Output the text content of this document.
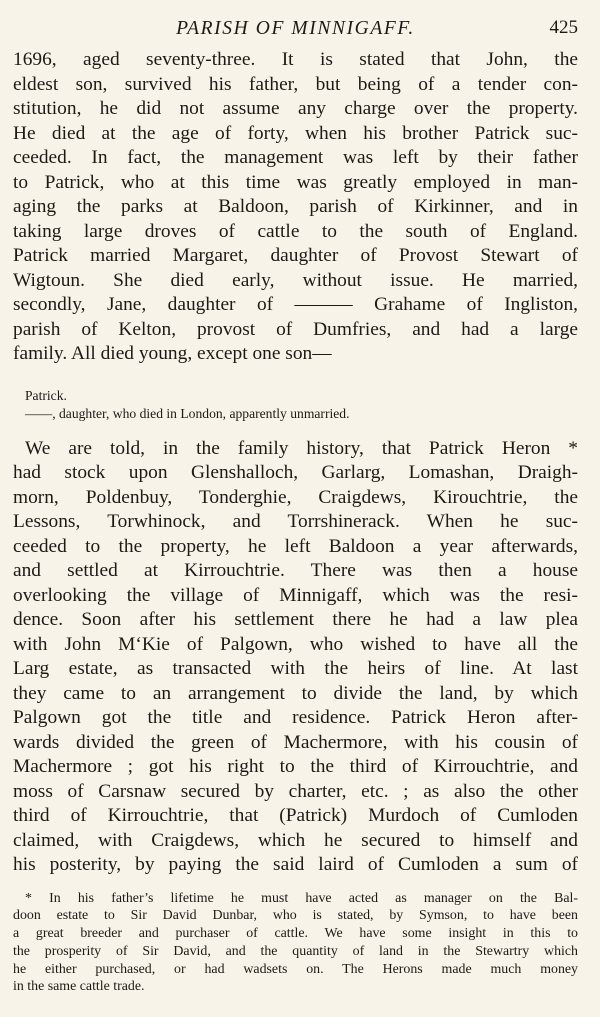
PARISH OF MINNIGAFF.	425

1696, aged seventy-three. It is stated that John, the
eldest son, survived his father, but being of a tender con-
stitution, he did not assume any charge over the property.
He died at the age of forty, when his brother Patrick suc-
ceeded. In fact, the management was left by their father
to Patrick, who at this time was greatly employed in man-
aging the parks at Baldoon, parish of Kirkinner, and in
taking large droves of cattle to the south of England.
Patrick married Margaret, daughter of Provost Stewart of
Wigtoun. She died early, without issue. He married,
secondly, Jane, daughter of ——— Grahame of Ingliston,
parish of Kelton, provost of Dumfries, and had a large
family. All died young, except one son—

Patrick.
——, daughter, who died in London, apparently unmarried.

We are told, in the family history, that Patrick Heron *
had stock upon Glenshalloch, Garlarg, Lomashan, Draigh-
morn, Poldenbuy, Tonderghie, Craigdews, Kirouchtrie, the
Lessons, Torwhinock, and Torrshinerack. When he suc-
ceeded to the property, he left Baldoon a year afterwards,
and settled at Kirrouchtrie. There was then a house
overlooking the village of Minnigaff, which was the resi-
dence. Soon after his settlement there he had a law plea
with John M‘Kie of Palgown, who wished to have all the
Larg estate, as transacted with the heirs of line. At last
they came to an arrangement to divide the land, by which
Palgown got the title and residence. Patrick Heron after-
wards divided the green of Machermore, with his cousin of
Machermore ; got his right to the third of Kirrouchtrie, and
moss of Carsnaw secured by charter, etc. ; as also the other
third of Kirrouchtrie, that (Patrick) Murdoch of Cumloden
claimed, with Craigdews, which he secured to himself and
his posterity, by paying the said laird of Cumloden a sum of

* In his father’s lifetime he must have acted as manager on the Bal-
doon estate to Sir David Dunbar, who is stated, by Symson, to have been
a great breeder and purchaser of cattle. We have some insight in this to
the prosperity of Sir David, and the quantity of land in the Stewartry which
he either purchased, or had wadsets on. The Herons made much money
in the same cattle trade.
